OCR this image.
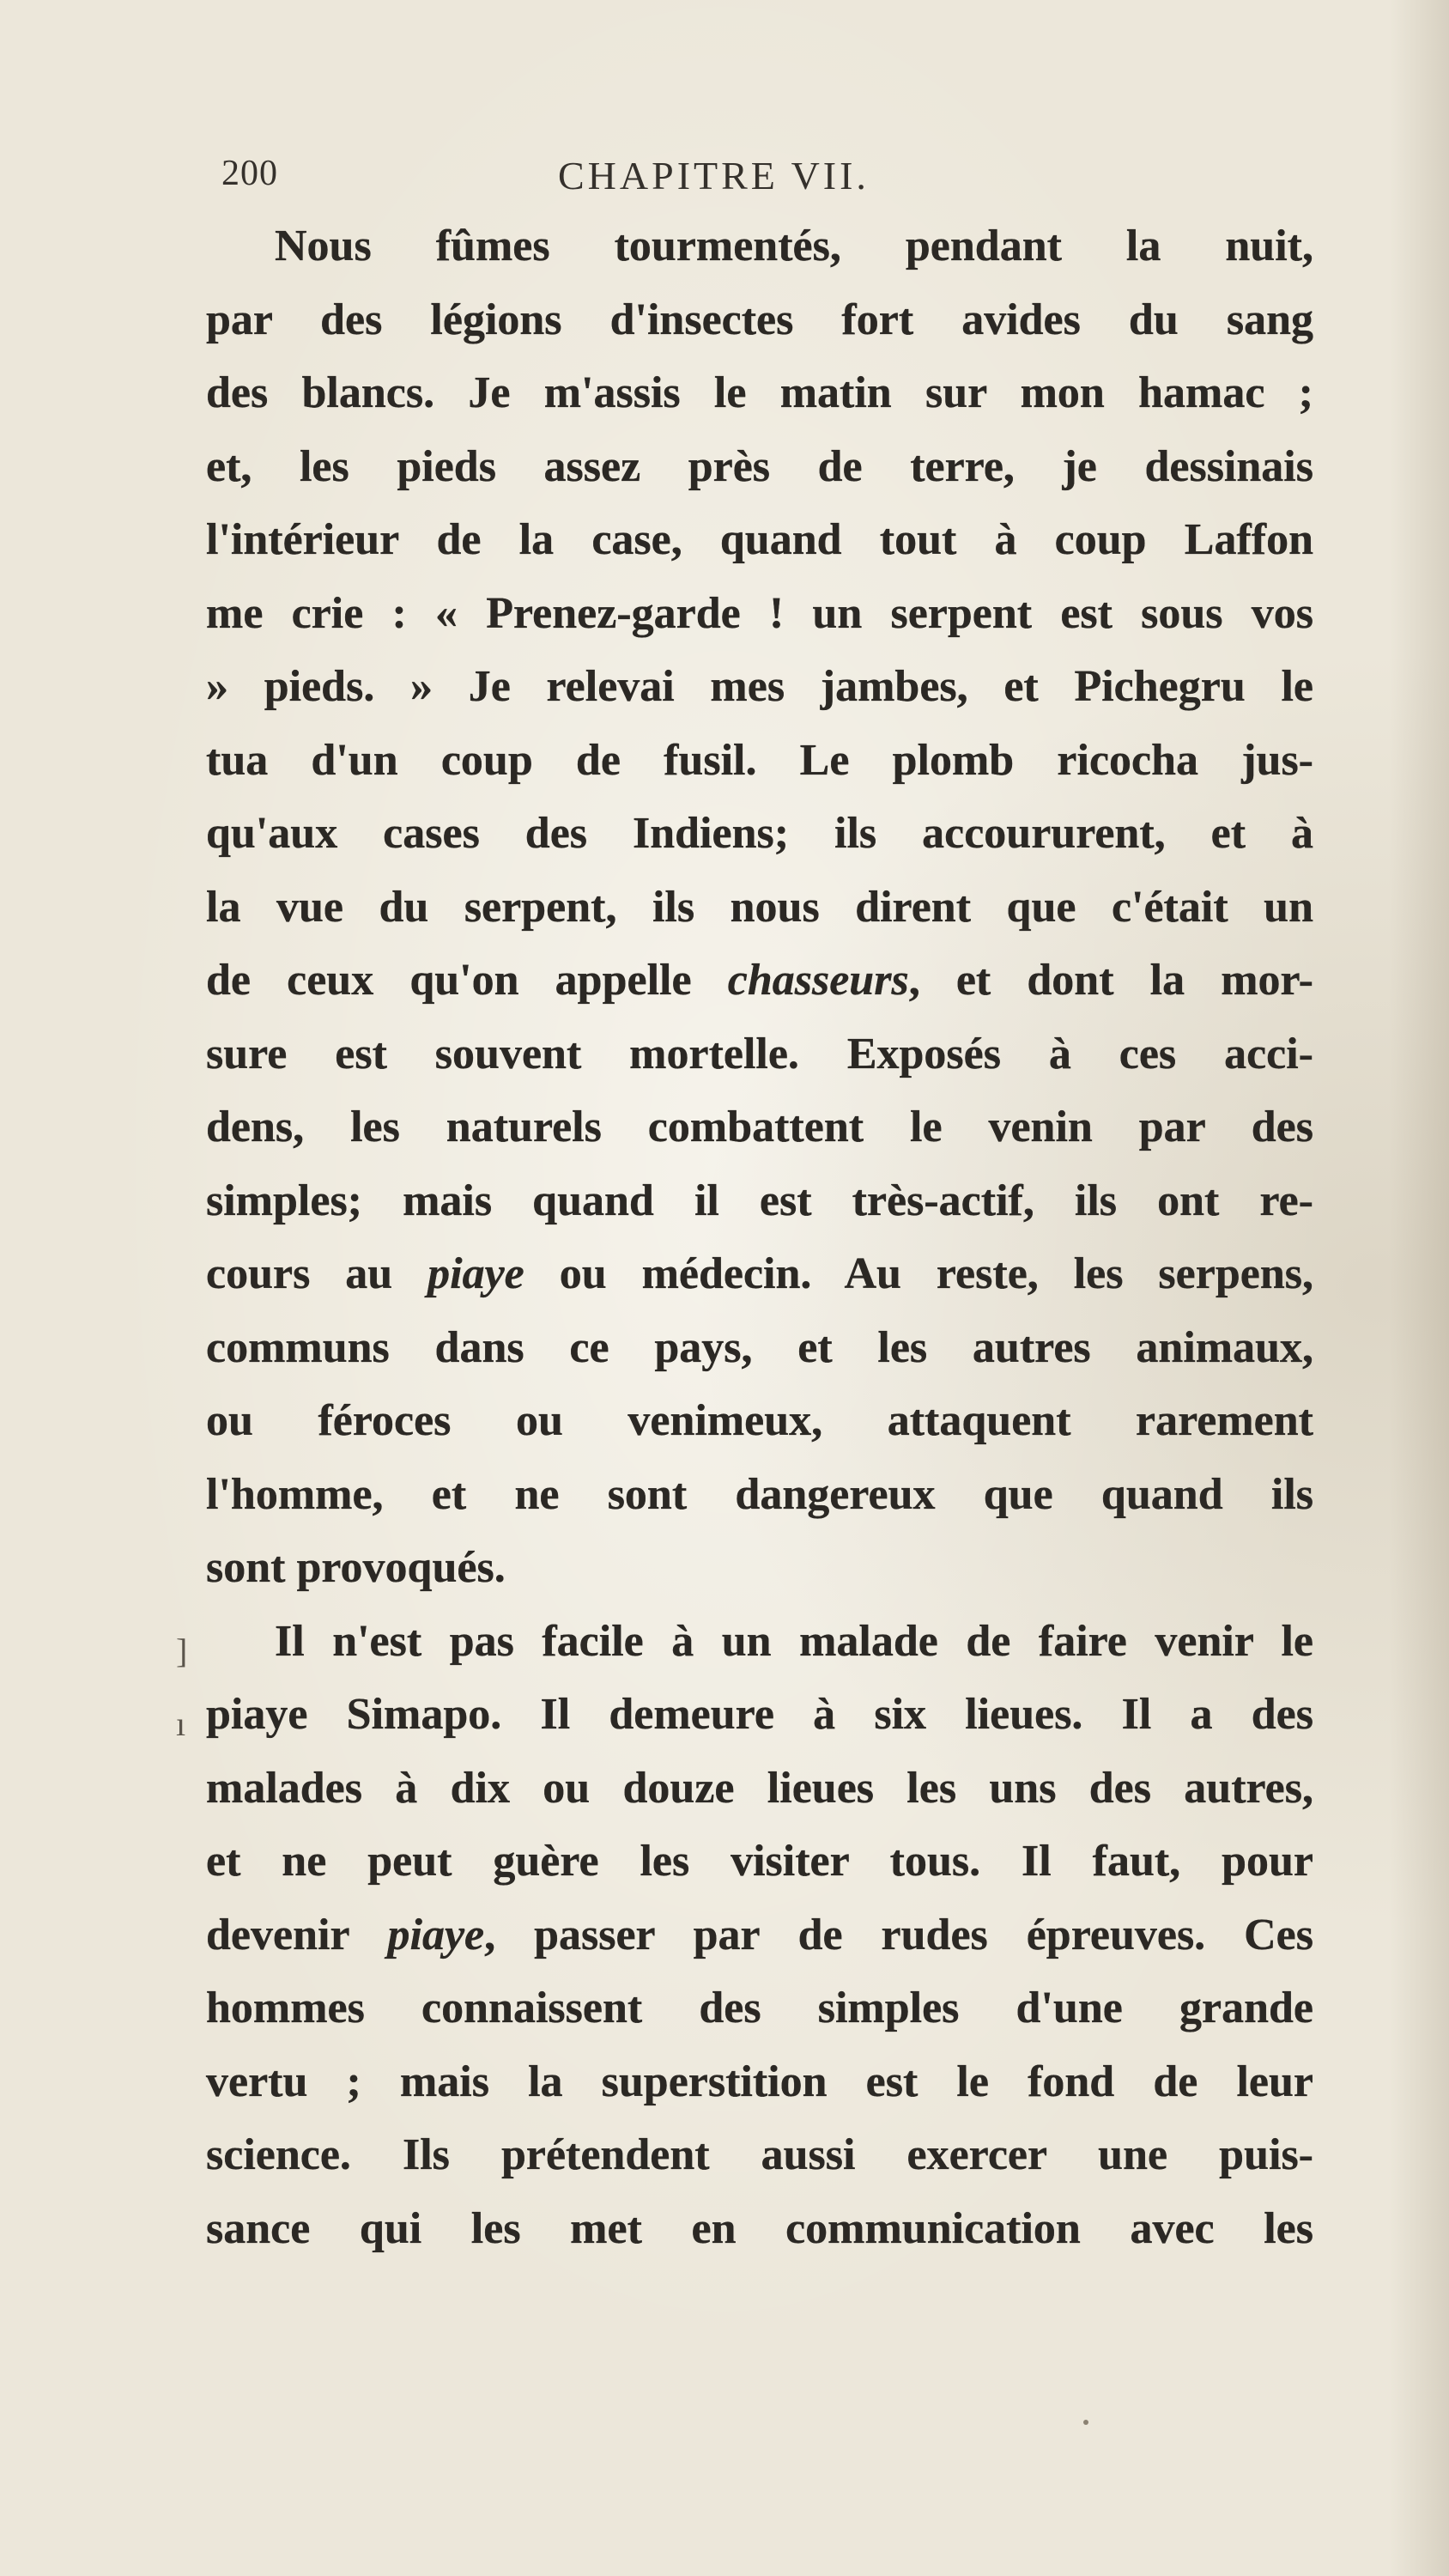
200	CHAPITRE VII.
Nous fûmes tourmentés, pendant la nuit,
par des légions d'insectes fort avides du sang
des blancs. Je m'assis le matin sur mon hamac ;
et, les pieds assez près de terre, je dessinais
l'intérieur de la case, quand tout à coup Laffon
me crie : « Prenez-garde ! un serpent est sous vos
» pieds. » Je relevai mes jambes, et Pichegru le
tua d'un coup de fusil. Le plomb ricocha jus-
qu'aux cases des Indiens; ils accoururent, et à
la vue du serpent, ils nous dirent que c'était un
de ceux qu'on appelle chasseurs, et dont la mor-
sure est souvent mortelle. Exposés à ces acci-
dens, les naturels combattent le venin par des
simples; mais quand il est très-actif, ils ont re-
cours au piaye ou médecin. Au reste, les serpens,
communs dans ce pays, et les autres animaux,
ou féroces ou venimeux, attaquent rarement
l'homme, et ne sont dangereux que quand ils
sont provoqués.
Il n'est pas facile à un malade de faire venir le
piaye Simapo. Il demeure à six lieues. Il a des
malades à dix ou douze lieues les uns des autres,
et ne peut guère les visiter tous. Il faut, pour
devenir piaye, passer par de rudes épreuves. Ces
hommes connaissent des simples d'une grande
vertu ; mais la superstition est le fond de leur
science. Ils prétendent aussi exercer une puis-
sance qui les met en communication avec les
]
ı
